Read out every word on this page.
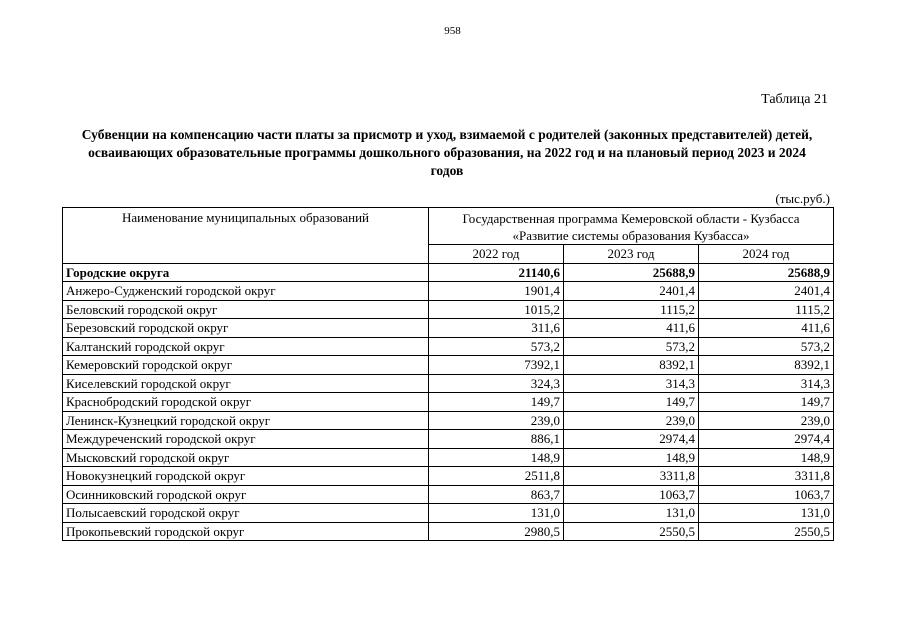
958
Таблица 21
Субвенции на компенсацию части платы за присмотр и уход, взимаемой с родителей (законных представителей) детей,
осваивающих образовательные программы дошкольного образования, на 2022 год и на плановый период 2023 и 2024
годов
(тыс.руб.)
Наименование муниципальных образований	Государственная программа Кемеровской области - Кузбасса
«Развитие системы образования Кузбасса»		

	2022 год	2023 год	2024 год
Городские округа	21140,6	25688,9	25688,9
Анжеро-Судженский городской округ	1901,4	2401,4	2401,4
Беловский городской округ	1015,2	1115,2	1115,2
Березовский городской округ	311,6	411,6	411,6
Калтанский городской округ	573,2	573,2	573,2
Кемеровский городской округ	7392,1	8392,1	8392,1
Киселевский городской округ	324,3	314,3	314,3
Краснобродский городской округ	149,7	149,7	149,7
Ленинск-Кузнецкий городской округ	239,0	239,0	239,0
Междуреченский городской округ	886,1	2974,4	2974,4
Мысковский городской округ	148,9	148,9	148,9
Новокузнецкий городской округ	2511,8	3311,8	3311,8
Осинниковский городской округ	863,7	1063,7	1063,7
Полысаевский городской округ	131,0	131,0	131,0
Прокопьевский городской округ	2980,5	2550,5	2550,5
